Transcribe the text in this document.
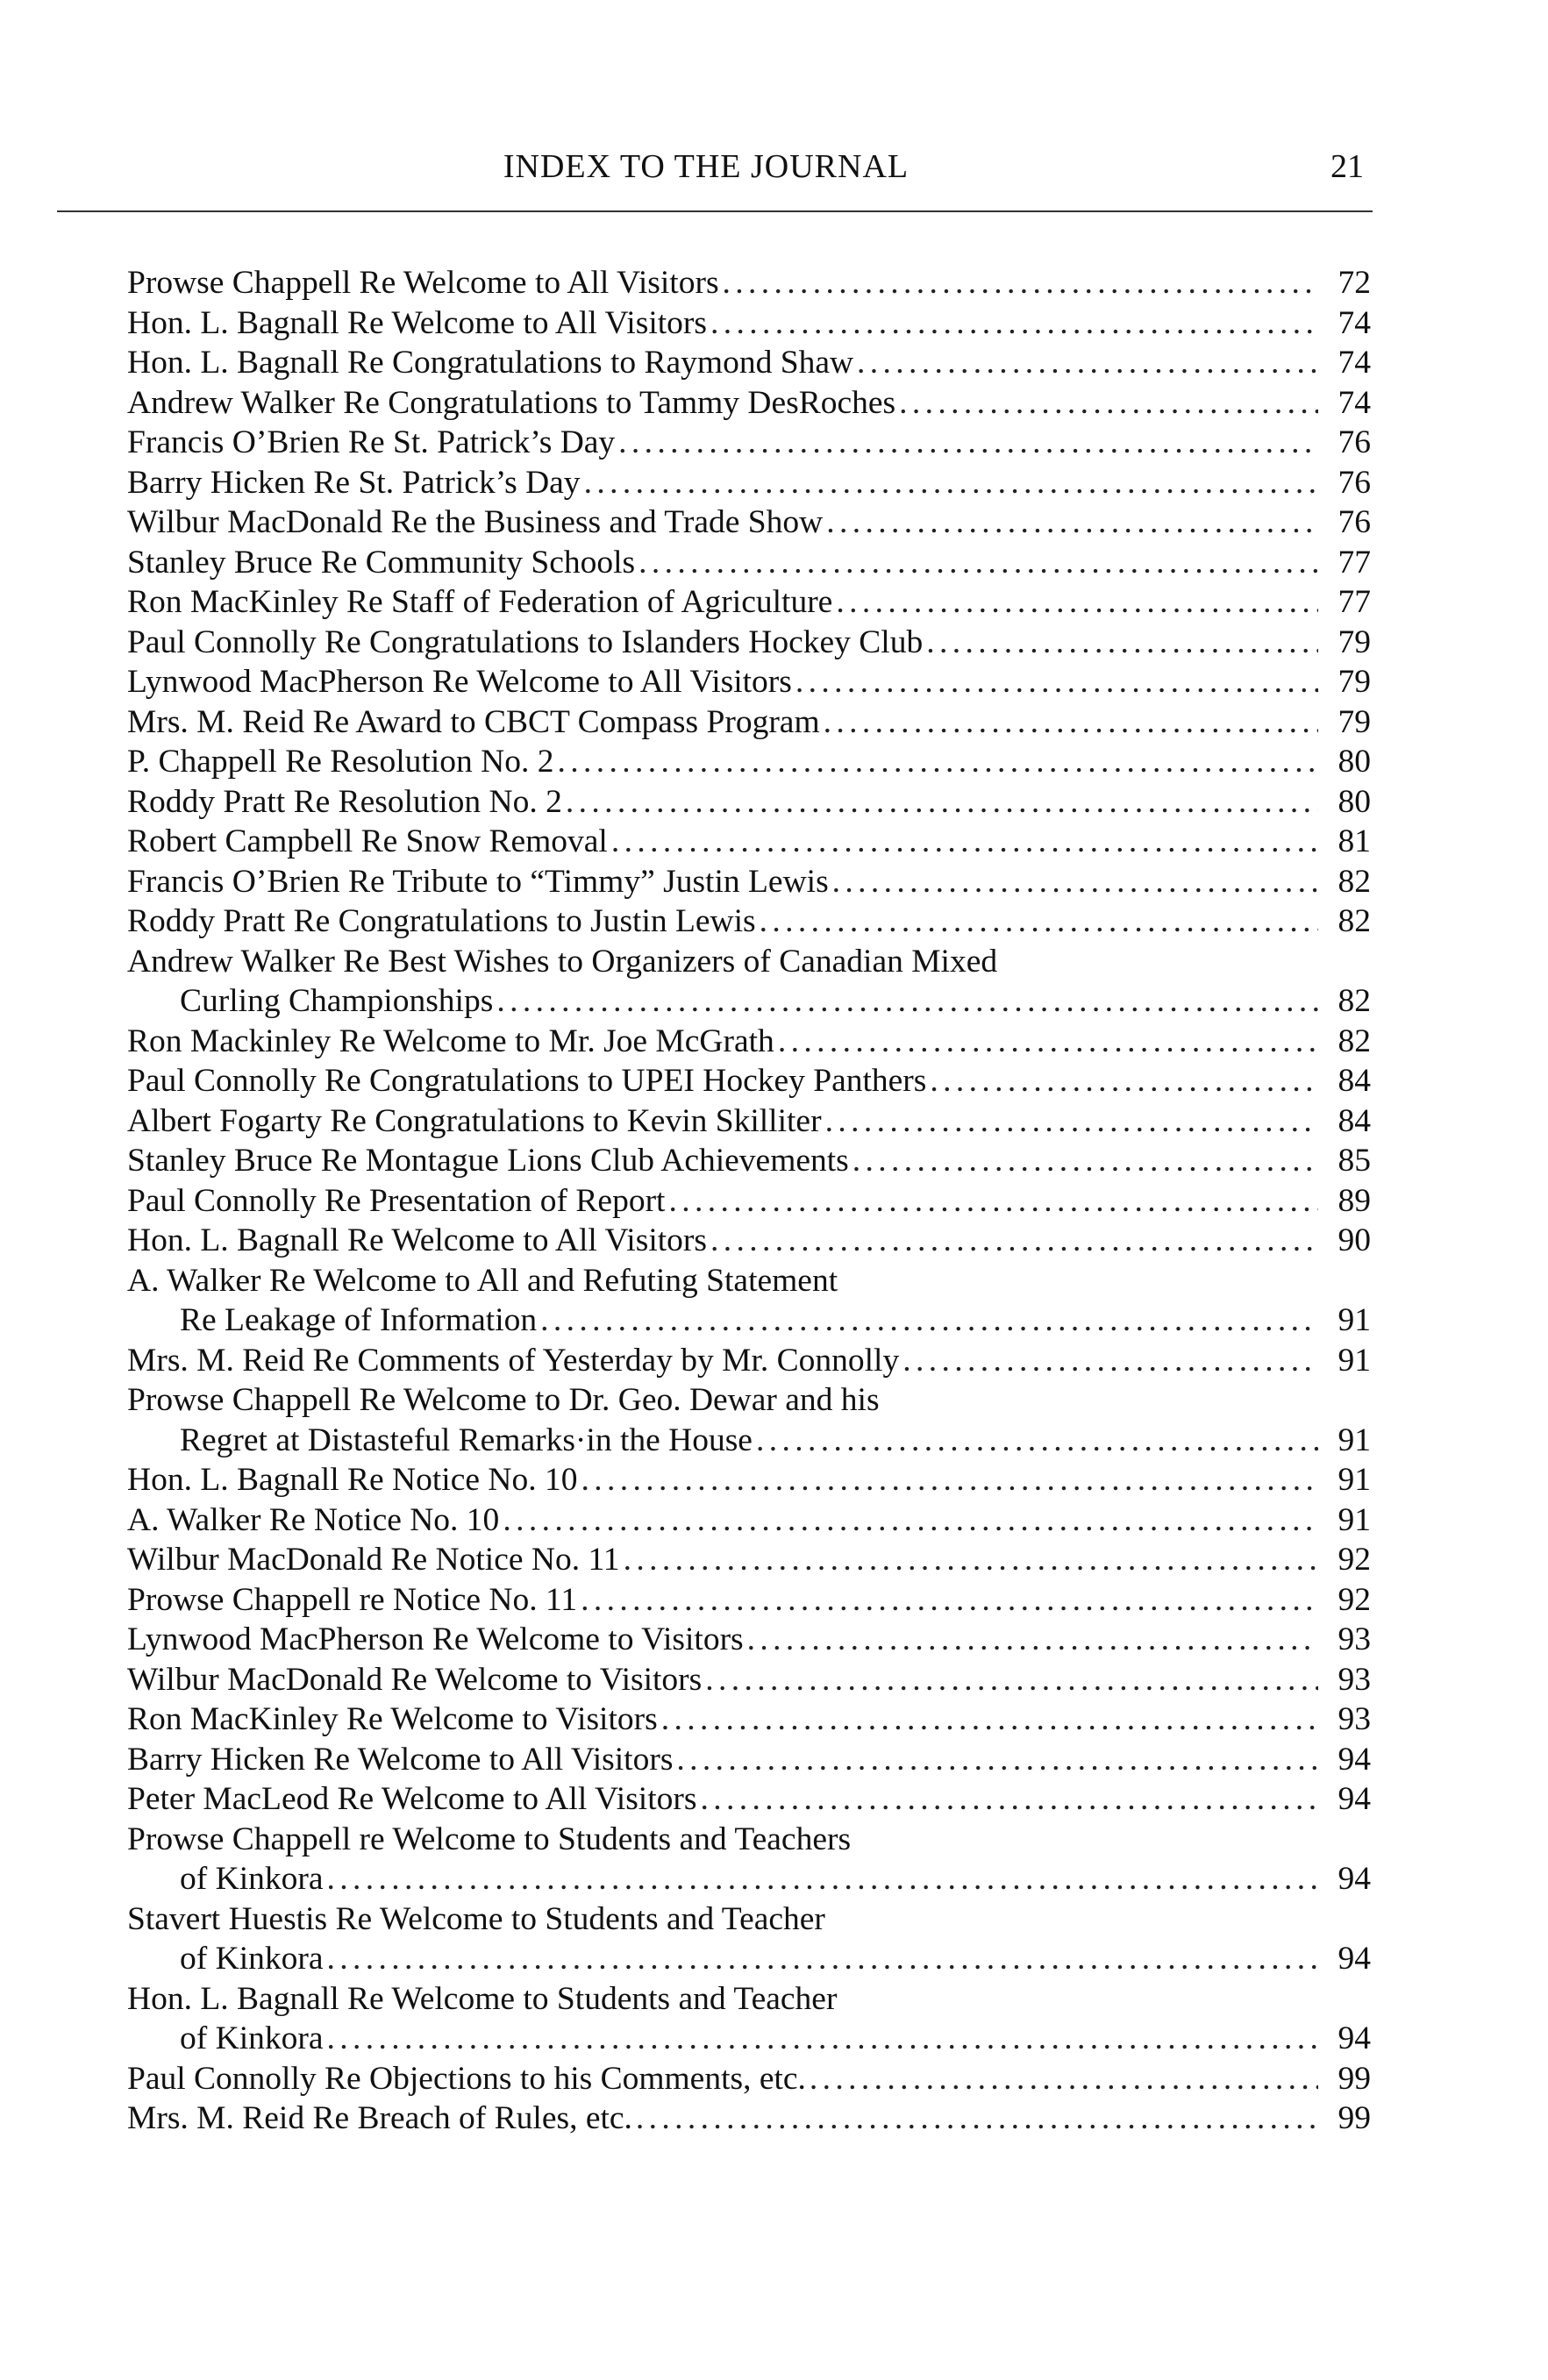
INDEX TO THE JOURNAL	21
Prowse Chappell Re Welcome to All Visitors . . .	72
Hon. L. Bagnall Re Welcome to All Visitors . . .	74
Hon. L. Bagnall Re Congratulations to Raymond Shaw . . .	74
Andrew Walker Re Congratulations to Tammy DesRoches . . .	74
Francis O’Brien Re St. Patrick’s Day . . .	76
Barry Hicken Re St. Patrick’s Day . . .	76
Wilbur MacDonald Re the Business and Trade Show . . .	76
Stanley Bruce Re Community Schools . . .	77
Ron MacKinley Re Staff of Federation of Agriculture . . .	77
Paul Connolly Re Congratulations to Islanders Hockey Club . . .	79
Lynwood MacPherson Re Welcome to All Visitors . . .	79
Mrs. M. Reid Re Award to CBCT Compass Program . . .	79
P. Chappell Re Resolution No. 2 . . .	80
Roddy Pratt Re Resolution No. 2 . . .	80
Robert Campbell Re Snow Removal . . .	81
Francis O’Brien Re Tribute to “Timmy” Justin Lewis . . .	82
Roddy Pratt Re Congratulations to Justin Lewis . . .	82
Andrew Walker Re Best Wishes to Organizers of Canadian Mixed
Curling Championships . . .	82
Ron Mackinley Re Welcome to Mr. Joe McGrath . . .	82
Paul Connolly Re Congratulations to UPEI Hockey Panthers . . .	84
Albert Fogarty Re Congratulations to Kevin Skilliter . . .	84
Stanley Bruce Re Montague Lions Club Achievements . . .	85
Paul Connolly Re Presentation of Report . . .	89
Hon. L. Bagnall Re Welcome to All Visitors . . .	90
A. Walker Re Welcome to All and Refuting Statement
Re Leakage of Information . . .	91
Mrs. M. Reid Re Comments of Yesterday by Mr. Connolly . . .	91
Prowse Chappell Re Welcome to Dr. Geo. Dewar and his
Regret at Distasteful Remarks·in the House . . .	91
Hon. L. Bagnall Re Notice No. 10 . . .	91
A. Walker Re Notice No. 10 . . .	91
Wilbur MacDonald Re Notice No. 11 . . .	92
Prowse Chappell re Notice No. 11 . . .	92
Lynwood MacPherson Re Welcome to Visitors . . .	93
Wilbur MacDonald Re Welcome to Visitors . . .	93
Ron MacKinley Re Welcome to Visitors . . .	93
Barry Hicken Re Welcome to All Visitors . . .	94
Peter MacLeod Re Welcome to All Visitors . . .	94
Prowse Chappell re Welcome to Students and Teachers
of Kinkora . . .	94
Stavert Huestis Re Welcome to Students and Teacher
of Kinkora . . .	94
Hon. L. Bagnall Re Welcome to Students and Teacher
of Kinkora . . .	94
Paul Connolly Re Objections to his Comments, etc. . . .	99
Mrs. M. Reid Re Breach of Rules, etc. . . .	99
